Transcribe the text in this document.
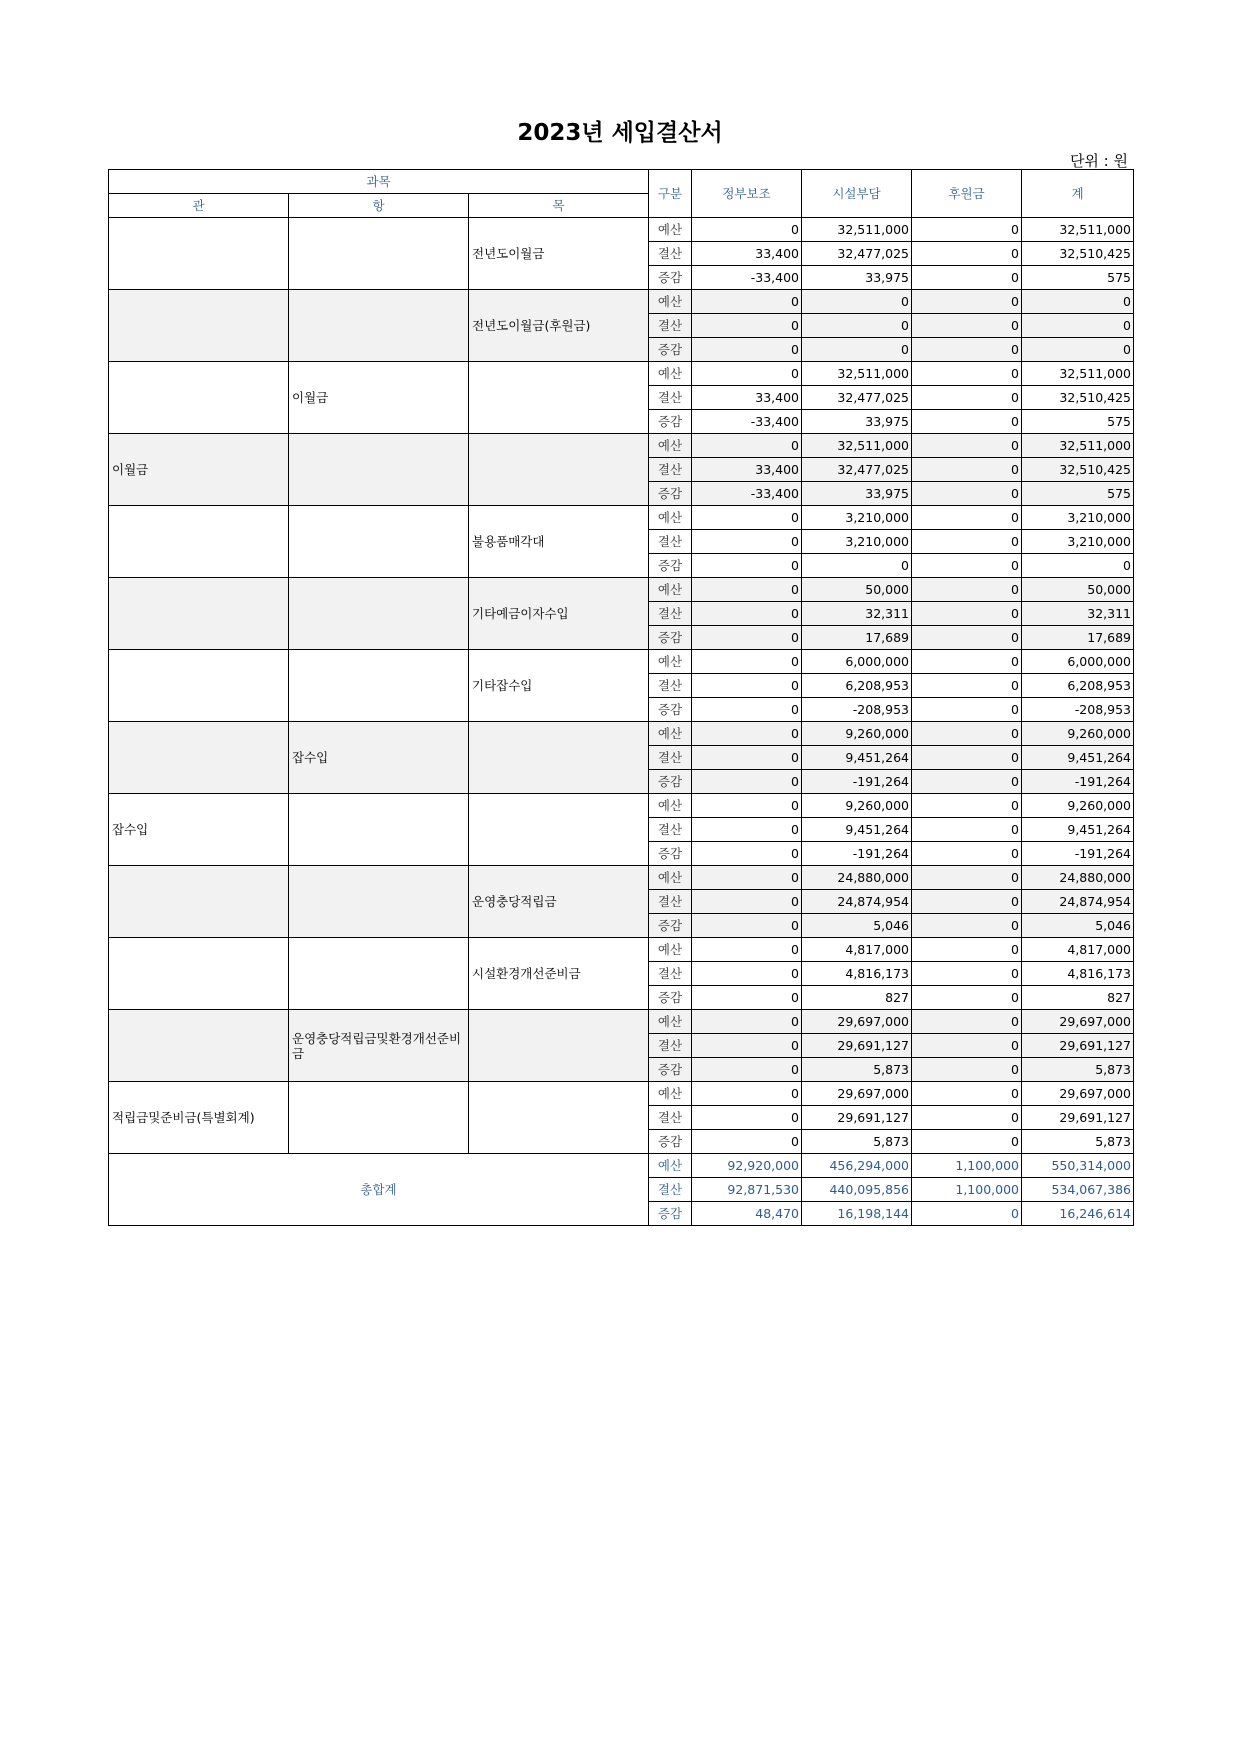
2023년 세입결산서
단위 : 원
과목			구분	정부보조	시설부담	후원금	계
관	항	목					
		전년도이월금	예산	0	32,511,000	0	32,511,000
			결산	33,400	32,477,025	0	32,510,425
			증감	-33,400	33,975	0	575
		전년도이월금(후원금)	예산	0	0	0	0
			결산	0	0	0	0
			증감	0	0	0	0
	이월금		예산	0	32,511,000	0	32,511,000
			결산	33,400	32,477,025	0	32,510,425
			증감	-33,400	33,975	0	575
이월금			예산	0	32,511,000	0	32,511,000
			결산	33,400	32,477,025	0	32,510,425
			증감	-33,400	33,975	0	575
		불용품매각대	예산	0	3,210,000	0	3,210,000
			결산	0	3,210,000	0	3,210,000
			증감	0	0	0	0
		기타예금이자수입	예산	0	50,000	0	50,000
			결산	0	32,311	0	32,311
			증감	0	17,689	0	17,689
		기타잡수입	예산	0	6,000,000	0	6,000,000
			결산	0	6,208,953	0	6,208,953
			증감	0	-208,953	0	-208,953
	잡수입		예산	0	9,260,000	0	9,260,000
			결산	0	9,451,264	0	9,451,264
			증감	0	-191,264	0	-191,264
잡수입			예산	0	9,260,000	0	9,260,000
			결산	0	9,451,264	0	9,451,264
			증감	0	-191,264	0	-191,264
		운영충당적립금	예산	0	24,880,000	0	24,880,000
			결산	0	24,874,954	0	24,874,954
			증감	0	5,046	0	5,046
		시설환경개선준비금	예산	0	4,817,000	0	4,817,000
			결산	0	4,816,173	0	4,816,173
			증감	0	827	0	827
	운영충당적립금및환경개선준비금		예산	0	29,697,000	0	29,697,000
			결산	0	29,691,127	0	29,691,127
			증감	0	5,873	0	5,873
적립금및준비금(특별회계)			예산	0	29,697,000	0	29,697,000
			결산	0	29,691,127	0	29,691,127
			증감	0	5,873	0	5,873
총합계			예산	92,920,000	456,294,000	1,100,000	550,314,000
			결산	92,871,530	440,095,856	1,100,000	534,067,386
			증감	48,470	16,198,144	0	16,246,614
